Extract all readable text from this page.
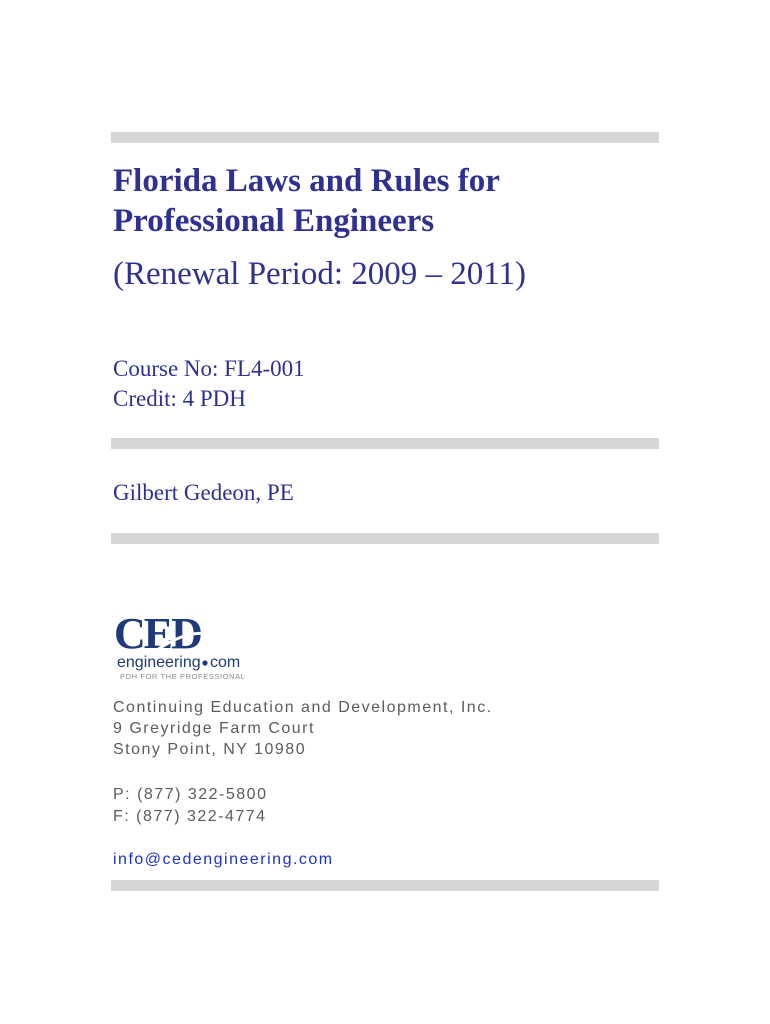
Florida Laws and Rules for
Professional Engineers

(Renewal Period: 2009 – 2011)

Course No: FL4-001

Credit: 4 PDH

Gilbert Gedeon, PE

CED
engineering com
PDH FOR THE PROFESSIONAL
Continuing Education and Development, Inc.
9 Greyridge Farm Court
Stony Point, NY 10980
P: (877) 322-5800
F: (877) 322-4774
info@cedengineering.com
